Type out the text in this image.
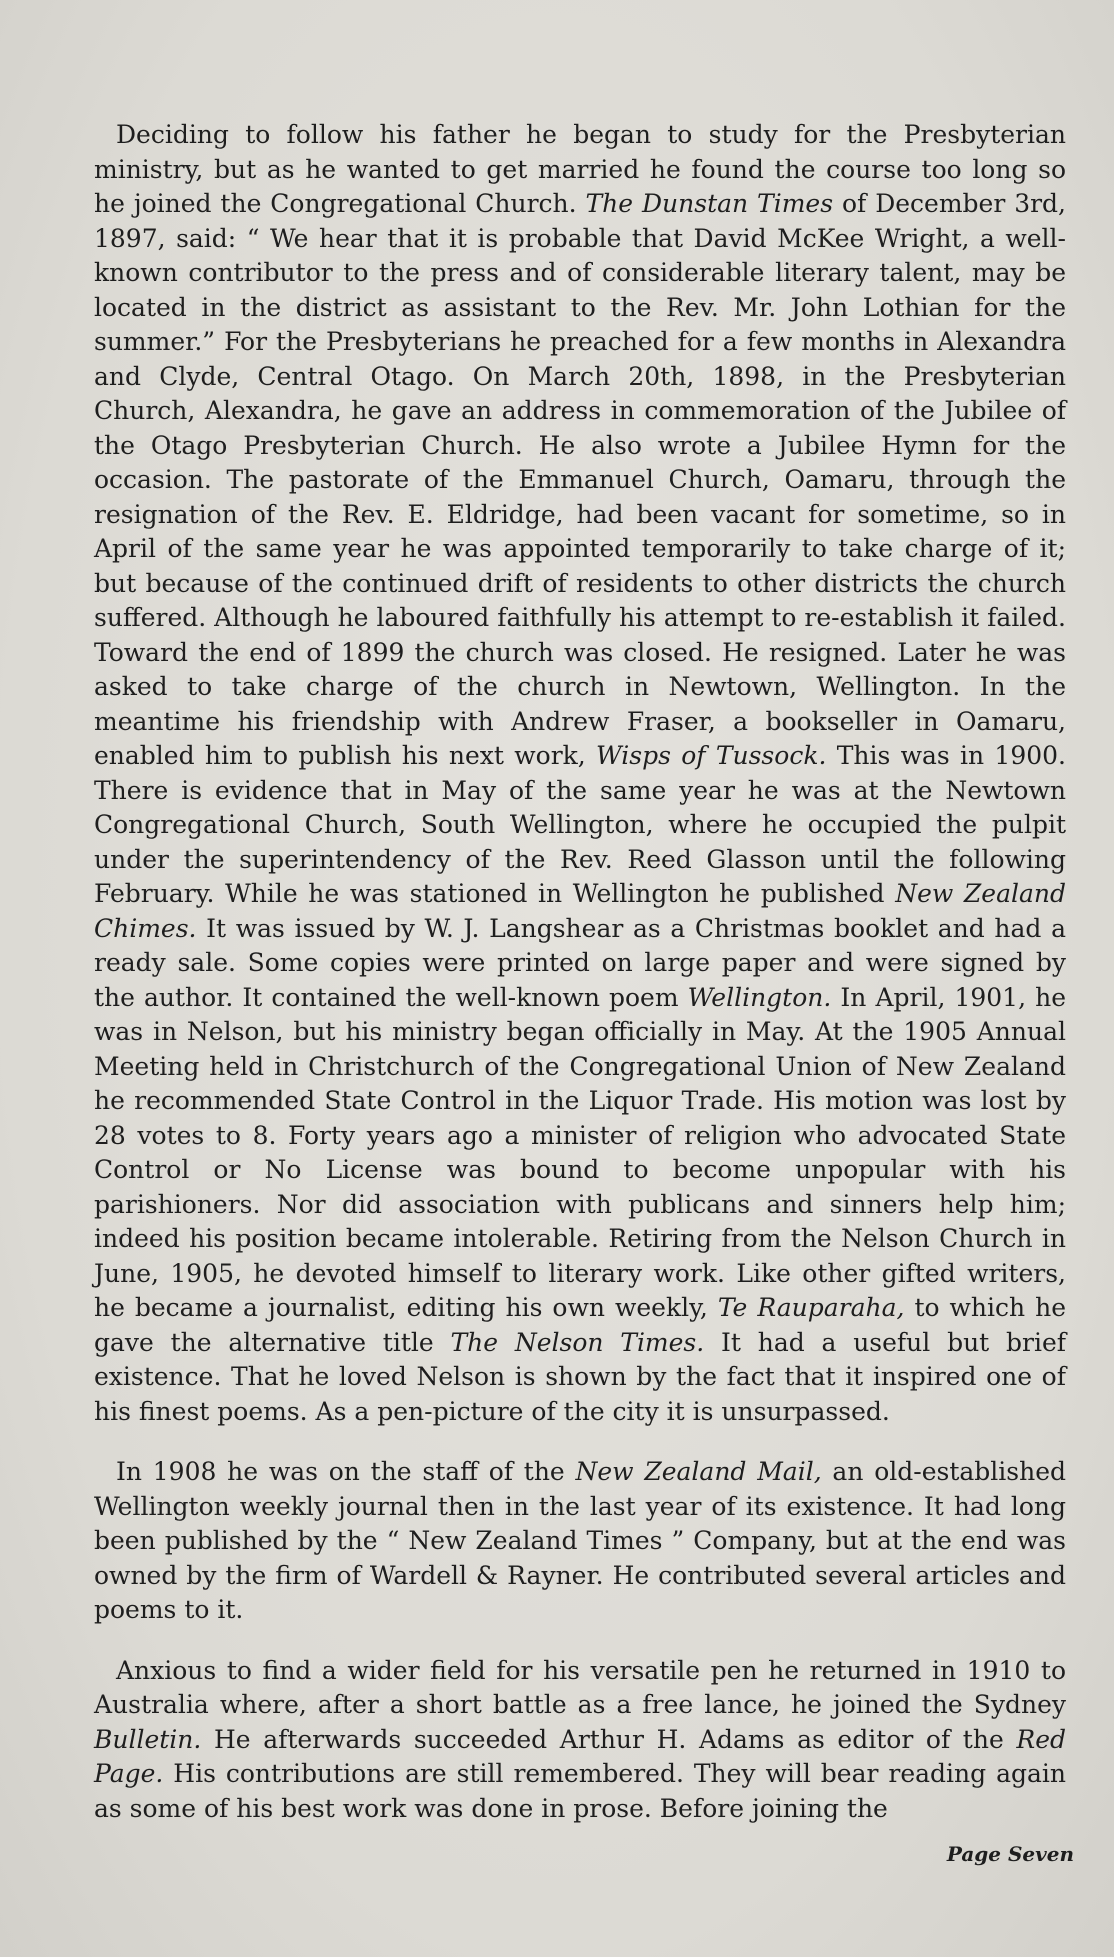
Deciding to follow his father he began to study for the Presbyterian ministry, but as he wanted to get married he found the course too long so he joined the Congregational Church. The Dunstan Times of December 3rd, 1897, said: “ We hear that it is probable that David McKee Wright, a well-known contributor to the press and of considerable literary talent, may be located in the district as assistant to the Rev. Mr. John Lothian for the summer.” For the Presbyterians he preached for a few months in Alexandra and Clyde, Central Otago. On March 20th, 1898, in the Presbyterian Church, Alexandra, he gave an address in commemoration of the Jubilee of the Otago Presbyterian Church. He also wrote a Jubilee Hymn for the occasion. The pastorate of the Emmanuel Church, Oamaru, through the resignation of the Rev. E. Eldridge, had been vacant for sometime, so in April of the same year he was appointed temporarily to take charge of it; but because of the continued drift of residents to other districts the church suffered. Although he laboured faithfully his attempt to re-establish it failed. Toward the end of 1899 the church was closed. He resigned. Later he was asked to take charge of the church in Newtown, Wellington. In the meantime his friendship with Andrew Fraser, a bookseller in Oamaru, enabled him to publish his next work, Wisps of Tussock. This was in 1900. There is evidence that in May of the same year he was at the Newtown Congregational Church, South Wellington, where he occupied the pulpit under the superintendency of the Rev. Reed Glasson until the following February. While he was stationed in Wellington he published New Zealand Chimes. It was issued by W. J. Langshear as a Christmas booklet and had a ready sale. Some copies were printed on large paper and were signed by the author. It contained the well-known poem Wellington. In April, 1901, he was in Nelson, but his ministry began officially in May. At the 1905 Annual Meeting held in Christchurch of the Congregational Union of New Zealand he recommended State Control in the Liquor Trade. His motion was lost by 28 votes to 8. Forty years ago a minister of religion who advocated State Control or No License was bound to become unpopular with his parishioners. Nor did association with publicans and sinners help him; indeed his position became intolerable. Retiring from the Nelson Church in June, 1905, he devoted himself to literary work. Like other gifted writers, he became a journalist, editing his own weekly, Te Rauparaha, to which he gave the alternative title The Nelson Times. It had a useful but brief existence. That he loved Nelson is shown by the fact that it inspired one of his finest poems. As a pen-picture of the city it is unsurpassed.

In 1908 he was on the staff of the New Zealand Mail, an old-established Wellington weekly journal then in the last year of its existence. It had long been published by the “ New Zealand Times ” Company, but at the end was owned by the firm of Wardell & Rayner. He contributed several articles and poems to it.

Anxious to find a wider field for his versatile pen he returned in 1910 to Australia where, after a short battle as a free lance, he joined the Sydney Bulletin. He afterwards succeeded Arthur H. Adams as editor of the Red Page. His contributions are still remembered. They will bear reading again as some of his best work was done in prose. Before joining the

Page Seven
